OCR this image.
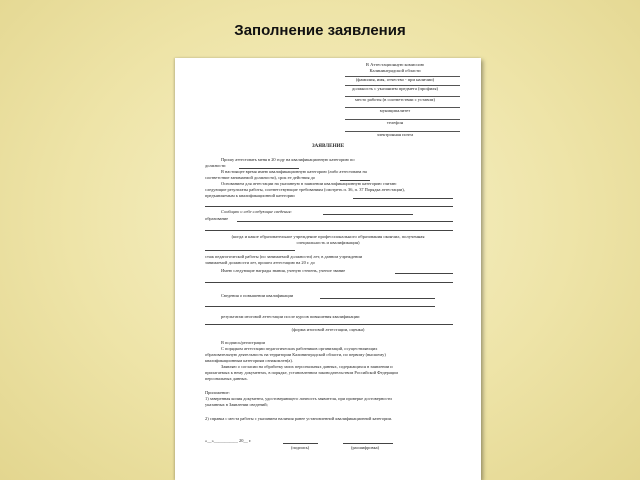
Заполнение заявления
В Аттестационную комиссию
Калининградской области
(фамилия, имя, отчество - при наличии)
должность с указанием предмета (профиля)
место работы (в соответствии с уставом)
муниципалитет
телефон
электронная почта
ЗАЯВЛЕНИЕ
Прошу аттестовать меня в 20 году на квалификационную категорию по
должности
В настоящее время имею квалификационную категорию (либо аттестована на
соответствие занимаемой должности), срок ее действия до
Основанием для аттестации на указанную в заявлении квалификационную категорию считаю
следующие результаты работы, соответствующие требованиям (смотреть п. 36, п. 37 Порядка аттестации),
предъявляемым к квалификационной категории
Сообщаю о себе следующие сведения:
образование
(когда и какое образовательное учреждение профессионального образования окончил, полученная
специальность и квалификация)
стаж педагогической работы (по занимаемой должности) лет, в данном учреждении
занимаемой должности лет, прошел аттестацию на 20 г. до
Имею следующие награды звания, ученую степень, ученое звание
Сведения о повышении квалификации
результатам итоговой аттестации после курсов повышения квалификации
(форма итоговой аттестации, оценка)
В подпись/регистрации
С порядком аттестации педагогических работников организаций, осуществляющих
образовательную деятельность на территории Калининградской области, по первому (высшему)
квалификационным категориям ознакомлен(а).
Заявляю о согласии на обработку моих персональных данных, содержащихся в заявлении и
прилагаемых к нему документах, в порядке, установленном законодательством Российской Федерации
персональных данных.
Приложение:
1) заверенная копия документа, удостоверяющего личность заявителя, при проверке достоверности
указанных в Заявлении сведений;
2) справка с места работы с указанием наличия ранее установленной квалификационной категории.
«__»___________ 20__ г.
(подпись)	(расшифровка)
